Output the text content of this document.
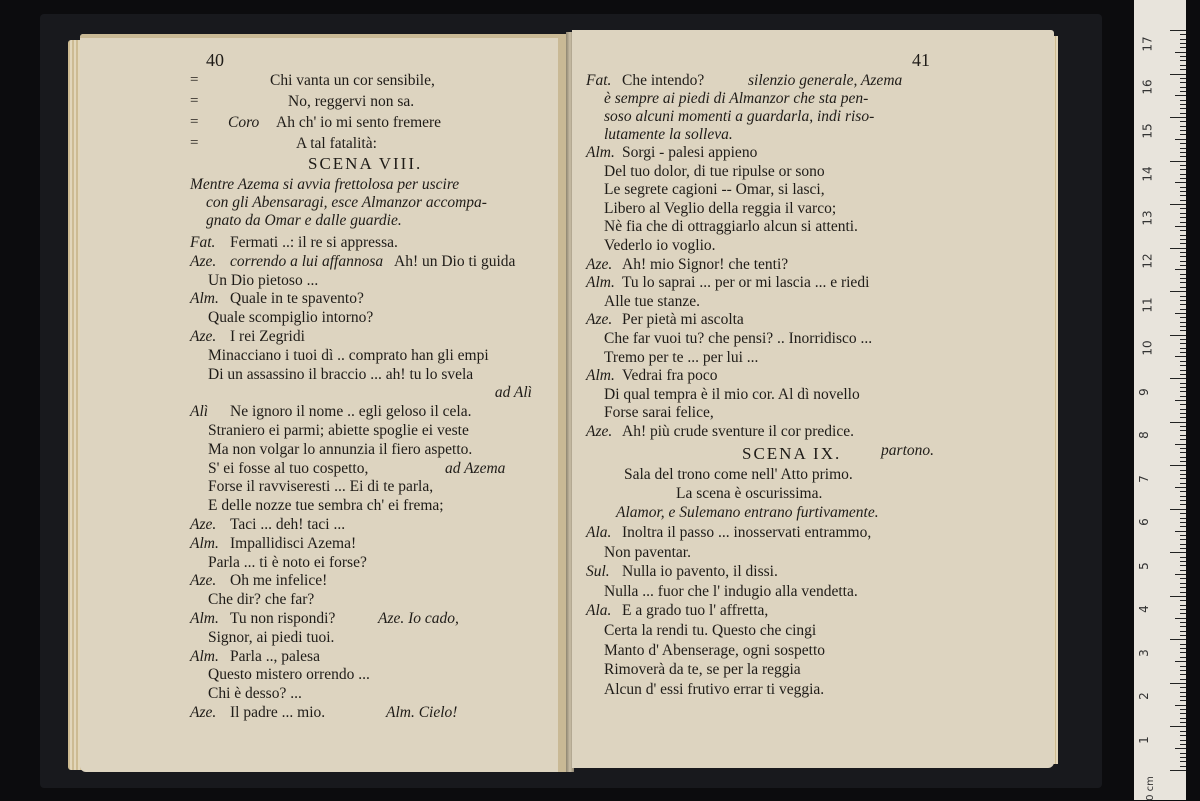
40
=
=
=
=
Chi vanta un cor sensibile,
No, reggervi non sa.
Coro Ah ch' io mi sento fremere
A tal fatalità:
SCENA VIII.
Mentre Azema si avvia frettolosa per uscire
con gli Abensaragi, esce Almanzor accompa-
gnato da Omar e dalle guardie.
Fat. Fermati ..: il re si appressa.
Aze. correndo a lui affannosa Ah! un Dio ti guida
Un Dio pietoso ...
Alm. Quale in te spavento?
Quale scompiglio intorno?
Aze. I rei Zegridi
Minacciano i tuoi dì .. comprato han gli empi
Di un assassino il braccio ... ah! tu lo svela
ad Alì
Alì Ne ignoro il nome .. egli geloso il cela.
Straniero ei parmi; abiette spoglie ei veste
Ma non volgar lo annunzia il fiero aspetto.
S' ei fosse al tuo cospetto,	ad Azema
Forse il ravviseresti ... Ei di te parla,
E delle nozze tue sembra ch' ei frema;
Aze. Taci ... deh! taci ...
Alm. Impallidisci Azema!
Parla ... ti è noto ei forse?
Aze. Oh me infelice!
Che dir? che far?
Alm. Tu non rispondi?	Aze. Io cado,
Signor, ai piedi tuoi.
Alm. Parla .., palesa
Questo mistero orrendo ...
Chi è desso? ...
Aze. Il padre ... mio.	Alm. Cielo!
41
Fat. Che intendo?	silenzio generale, Azema
è sempre ai piedi di Almanzor che sta pen-
soso alcuni momenti a guardarla, indi riso-
lutamente la solleva.
Alm. Sorgi - palesi appieno
Del tuo dolor, di tue ripulse or sono
Le segrete cagioni -- Omar, si lasci,
Libero al Veglio della reggia il varco;
Nè fia che di ottraggiarlo alcun si attenti.
Vederlo io voglio.
Aze. Ah! mio Signor! che tenti?
Alm. Tu lo saprai ... per or mi lascia ... e riedi
Alle tue stanze.
Aze. Per pietà mi ascolta
Che far vuoi tu? che pensi? .. Inorridisco ...
Tremo per te ... per lui ...
Alm. Vedrai fra poco
Di qual tempra è il mio cor. Al dì novello
Forse sarai felice,
Aze. Ah! più crude sventure il cor predice.
partono.
SCENA IX.
Sala del trono come nell' Atto primo.
La scena è oscurissima.
Alamor, e Sulemano entrano furtivamente.
Ala. Inoltra il passo ... inosservati entrammo,
Non paventar.
Sul. Nulla io pavento, il dissi.
Nulla ... fuor che l' indugio alla vendetta.
Ala. E a grado tuo l' affretta,
Certa la rendi tu. Questo che cingi
Manto d' Abenserage, ogni sospetto
Rimoverà da te, se per la reggia
Alcun d' essi frutivo errar ti veggia.
17
16
15
14
13
12
11
10
9
8
7
6
5
4
3
2
1
0 cm
